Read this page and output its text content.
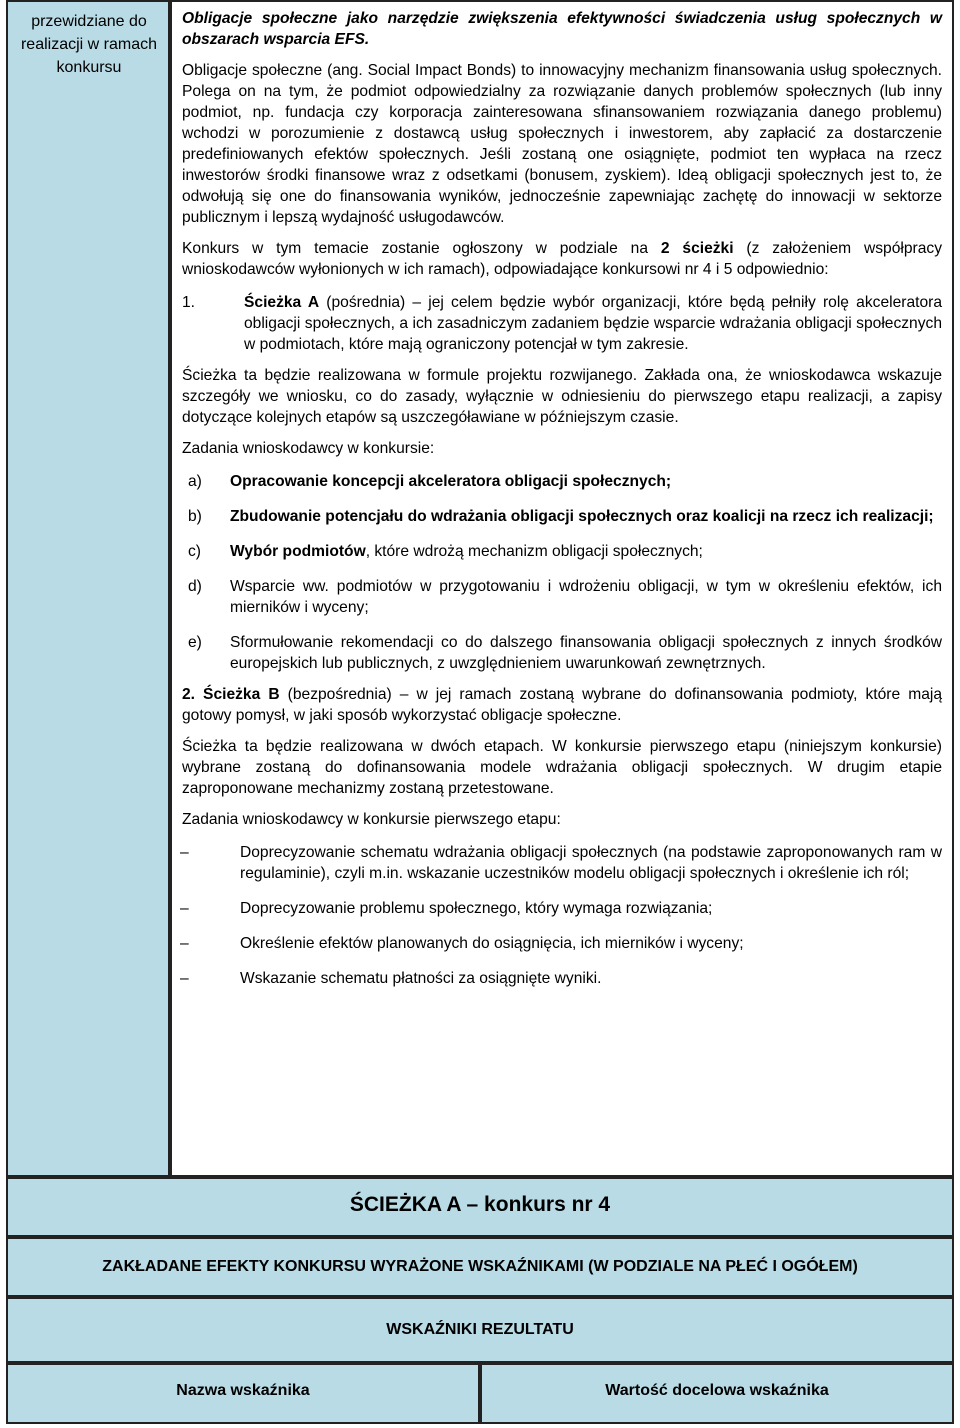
przewidziane do realizacji w ramach konkursu

Obligacje społeczne jako narzędzie zwiększenia efektywności świadczenia usług społecznych w obszarach wsparcia EFS.

Obligacje społeczne (ang. Social Impact Bonds) to innowacyjny mechanizm finansowania usług społecznych. Polega on na tym, że podmiot odpowiedzialny za rozwiązanie danych problemów społecznych (lub inny podmiot, np. fundacja czy korporacja zainteresowana sfinansowaniem rozwiązania danego problemu) wchodzi w porozumienie z dostawcą usług społecznych i inwestorem, aby zapłacić za dostarczenie predefiniowanych efektów społecznych. Jeśli zostaną one osiągnięte, podmiot ten wypłaca na rzecz inwestorów środki finansowe wraz z odsetkami (bonusem, zyskiem). Ideą obligacji społecznych jest to, że odwołują się one do finansowania wyników, jednocześnie zapewniając zachętę do innowacji w sektorze publicznym i lepszą wydajność usługodawców.

Konkurs w tym temacie zostanie ogłoszony w podziale na 2 ścieżki (z założeniem współpracy wnioskodawców wyłonionych w ich ramach), odpowiadające konkursowi nr 4 i 5 odpowiednio:

1.	Ścieżka A (pośrednia) – jej celem będzie wybór organizacji, które będą pełniły rolę akceleratora obligacji społecznych, a ich zasadniczym zadaniem będzie wsparcie wdrażania obligacji społecznych w podmiotach, które mają ograniczony potencjał w tym zakresie.

Ścieżka ta będzie realizowana w formule projektu rozwijanego. Zakłada ona, że wnioskodawca wskazuje szczegóły we wniosku, co do zasady, wyłącznie w odniesieniu do pierwszego etapu realizacji, a zapisy dotyczące kolejnych etapów są uszczegóławiane w późniejszym czasie.

Zadania wnioskodawcy w konkursie:

a) Opracowanie koncepcji akceleratora obligacji społecznych;
b) Zbudowanie potencjału do wdrażania obligacji społecznych oraz koalicji na rzecz ich realizacji;
c) Wybór podmiotów, które wdrożą mechanizm obligacji społecznych;
d) Wsparcie ww. podmiotów w przygotowaniu i wdrożeniu obligacji, w tym w określeniu efektów, ich mierników i wyceny;
e) Sformułowanie rekomendacji co do dalszego finansowania obligacji społecznych z innych środków europejskich lub publicznych, z uwzględnieniem uwarunkowań zewnętrznych.

2. Ścieżka B (bezpośrednia) – w jej ramach zostaną wybrane do dofinansowania podmioty, które mają gotowy pomysł, w jaki sposób wykorzystać obligacje społeczne.

Ścieżka ta będzie realizowana w dwóch etapach. W konkursie pierwszego etapu (niniejszym konkursie) wybrane zostaną do dofinansowania modele wdrażania obligacji społecznych. W drugim etapie zaproponowane mechanizmy zostaną przetestowane.

Zadania wnioskodawcy w konkursie pierwszego etapu:

–	Doprecyzowanie schematu wdrażania obligacji społecznych (na podstawie zaproponowanych ram w regulaminie), czyli m.in. wskazanie uczestników modelu obligacji społecznych i określenie ich ról;
–	Doprecyzowanie problemu społecznego, który wymaga rozwiązania;
–	Określenie efektów planowanych do osiągnięcia, ich mierników i wyceny;
–	Wskazanie schematu płatności za osiągnięte wyniki.
ŚCIEŻKA A – konkurs nr 4
ZAKŁADANE EFEKTY KONKURSU WYRAŻONE WSKAŹNIKAMI (W PODZIALE NA PŁEĆ I OGÓŁEM)
WSKAŹNIKI REZULTATU
Nazwa wskaźnika	Wartość docelowa wskaźnika
